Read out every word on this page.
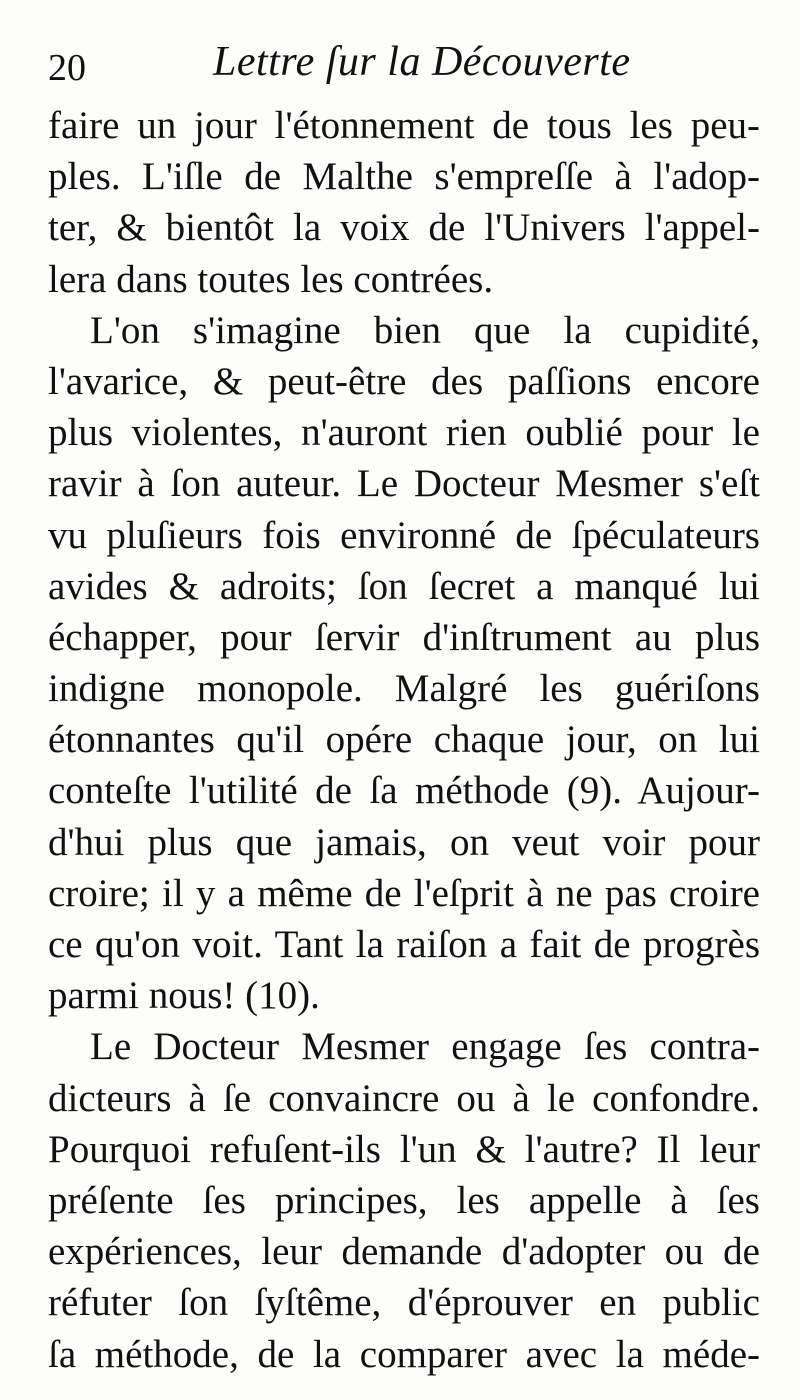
20	Lettre ſur la Découverte
faire un jour l'étonnement de tous les peu-
ples. L'iſle de Malthe s'empreſſe à l'adop-
ter, & bientôt la voix de l'Univers l'appel-
lera dans toutes les contrées.
L'on s'imagine bien que la cupidité,
l'avarice, & peut-être des paſſions encore
plus violentes, n'auront rien oublié pour le
ravir à ſon auteur. Le Docteur Mesmer s'eſt
vu pluſieurs fois environné de ſpéculateurs
avides & adroits; ſon ſecret a manqué lui
échapper, pour ſervir d'inſtrument au plus
indigne monopole. Malgré les guériſons
étonnantes qu'il opére chaque jour, on lui
conteſte l'utilité de ſa méthode (9). Aujour-
d'hui plus que jamais, on veut voir pour
croire; il y a même de l'eſprit à ne pas croire
ce qu'on voit. Tant la raiſon a fait de progrès
parmi nous! (10).
Le Docteur Mesmer engage ſes contra-
dicteurs à ſe convaincre ou à le confondre.
Pourquoi refuſent-ils l'un & l'autre? Il leur
préſente ſes principes, les appelle à ſes
expériences, leur demande d'adopter ou de
réfuter ſon ſyſtême, d'éprouver en public
ſa méthode, de la comparer avec la méde-
